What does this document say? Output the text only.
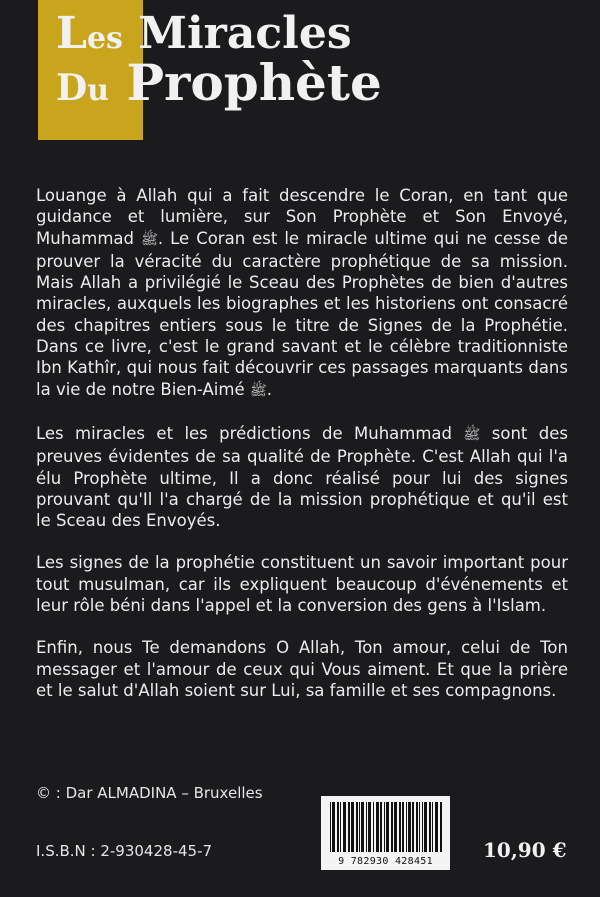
Les Miracles
Du Prophète

Louange à Allah qui a fait descendre le Coran, en tant que guidance et lumière, sur Son Prophète et Son Envoyé, Muhammad ﷺ. Le Coran est le miracle ultime qui ne cesse de prouver la véracité du caractère prophétique de sa mission. Mais Allah a privilégié le Sceau des Prophètes de bien d'autres miracles, auxquels les biographes et les historiens ont consacré des chapitres entiers sous le titre de Signes de la Prophétie. Dans ce livre, c'est le grand savant et le célèbre traditionniste Ibn Kathîr, qui nous fait découvrir ces passages marquants dans la vie de notre Bien-Aimé ﷺ.

Les miracles et les prédictions de Muhammad ﷺ sont des preuves évidentes de sa qualité de Prophète. C'est Allah qui l'a élu Prophète ultime, Il a donc réalisé pour lui des signes prouvant qu'Il l'a chargé de la mission prophétique et qu'il est le Sceau des Envoyés.

Les signes de la prophétie constituent un savoir important pour tout musulman, car ils expliquent beaucoup d'événements et leur rôle béni dans l'appel et la conversion des gens à l'Islam.

Enfin, nous Te demandons O Allah, Ton amour, celui de Ton messager et l'amour de ceux qui Vous aiment. Et que la prière et le salut d'Allah soient sur Lui, sa famille et ses compagnons.

© : Dar ALMADINA – Bruxelles
I.S.B.N : 2-930428-45-7
9 782930 428451	10,90 €
